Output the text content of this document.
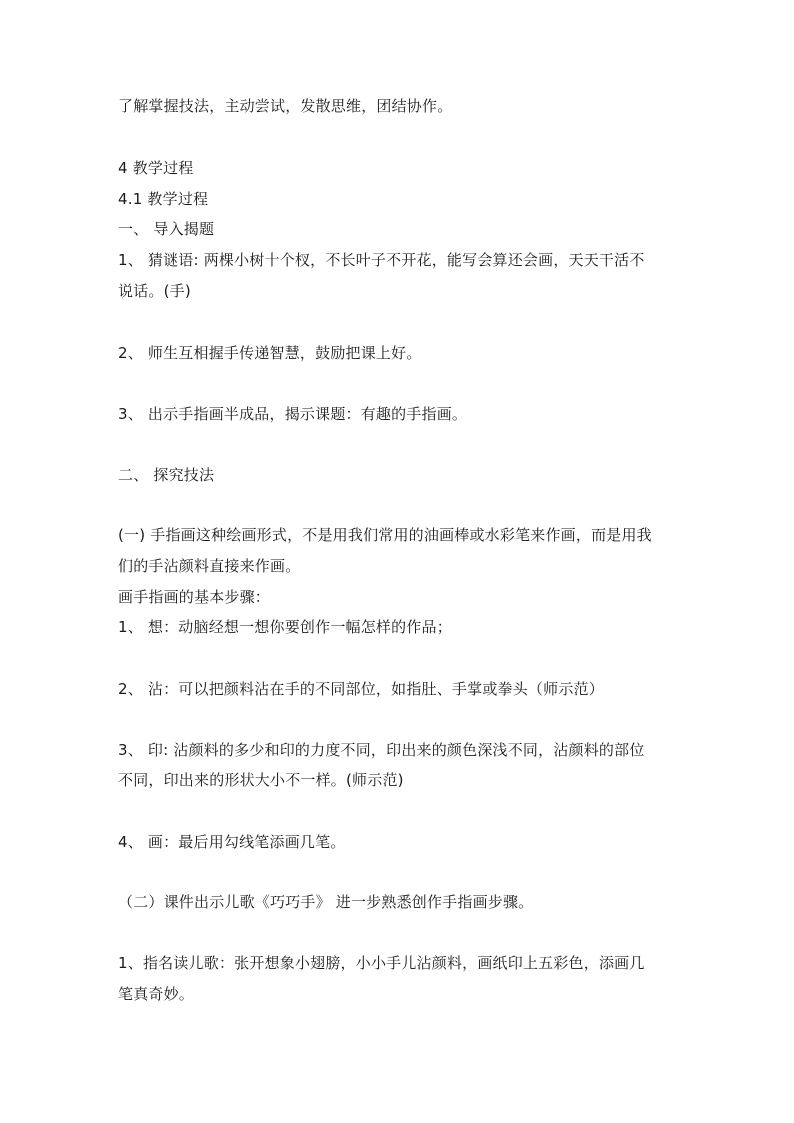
了解掌握技法，主动尝试，发散思维，团结协作。
4 教学过程
4.1 教学过程
一、 导入揭题
1、 猜谜语: 两棵小树十个杈，不长叶子不开花，能写会算还会画，天天干活不
说话。(手)
2、 师生互相握手传递智慧，鼓励把课上好。
3、 出示手指画半成品，揭示课题：有趣的手指画。
二、 探究技法
(一) 手指画这种绘画形式，不是用我们常用的油画棒或水彩笔来作画，而是用我
们的手沾颜料直接来作画。
画手指画的基本步骤：
1、 想：动脑经想一想你要创作一幅怎样的作品；
2、 沾：可以把颜料沾在手的不同部位，如指肚、手掌或拳头（师示范）
3、 印: 沾颜料的多少和印的力度不同，印出来的颜色深浅不同，沾颜料的部位
不同，印出来的形状大小不一样。(师示范)
4、 画：最后用勾线笔添画几笔。
（二）课件出示儿歌《巧巧手》 进一步熟悉创作手指画步骤。
1、指名读儿歌：张开想象小翅膀，小小手儿沾颜料，画纸印上五彩色，添画几
笔真奇妙。
